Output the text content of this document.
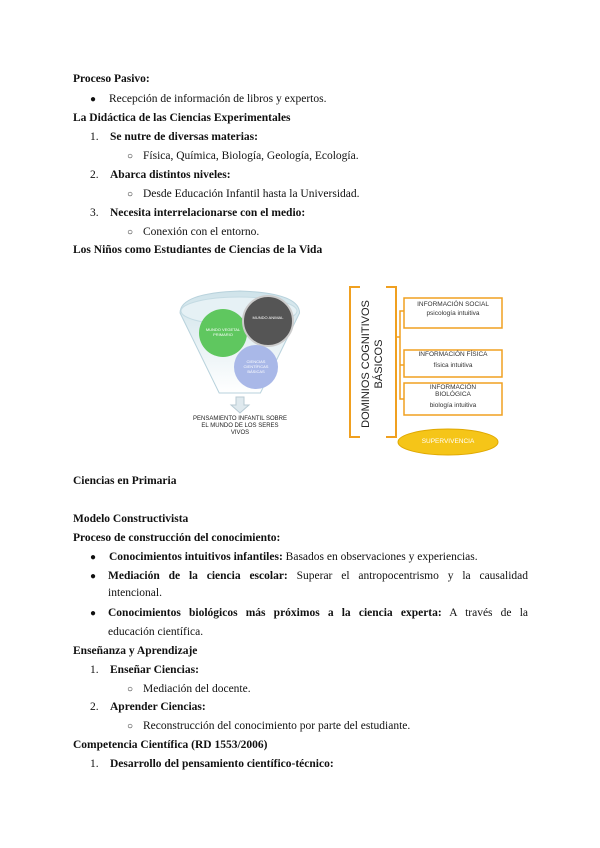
Proceso Pasivo:
● Recepción de información de libros y expertos.
La Didáctica de las Ciencias Experimentales
1. Se nutre de diversas materias:
○ Física, Química, Biología, Geología, Ecología.
2. Abarca distintos niveles:
○ Desde Educación Infantil hasta la Universidad.
3. Necesita interrelacionarse con el medio:
○ Conexión con el entorno.
Los Niños como Estudiantes de Ciencias de la Vida
MUNDO ANIMAL
MUNDO VEGETAL PRIMARIO
CIENCIAS CIENTÍFICAS BÁSICAS
PENSAMIENTO INFANTIL SOBRE EL MUNDO DE LOS SERES VIVOS
DOMINIOS COGNITIVOS BÁSICOS
INFORMACIÓN SOCIAL
psicología intuitiva
INFORMACIÓN FÍSICA
física intuitiva
INFORMACIÓN BIOLÓGICA
biología intuitiva
SUPERVIVENCIA
Ciencias en Primaria
Modelo Constructivista
Proceso de construcción del conocimiento:
● Conocimientos intuitivos infantiles: Basados en observaciones y experiencias.
●	Mediación de la ciencia escolar: Superar el antropocentrismo y la causalidad
intencional.
●	Conocimientos biológicos más próximos a la ciencia experta: A través de la
educación científica.
Enseñanza y Aprendizaje
1. Enseñar Ciencias:
○ Mediación del docente.
2. Aprender Ciencias:
○ Reconstrucción del conocimiento por parte del estudiante.
Competencia Científica (RD 1553/2006)
1. Desarrollo del pensamiento científico-técnico:
